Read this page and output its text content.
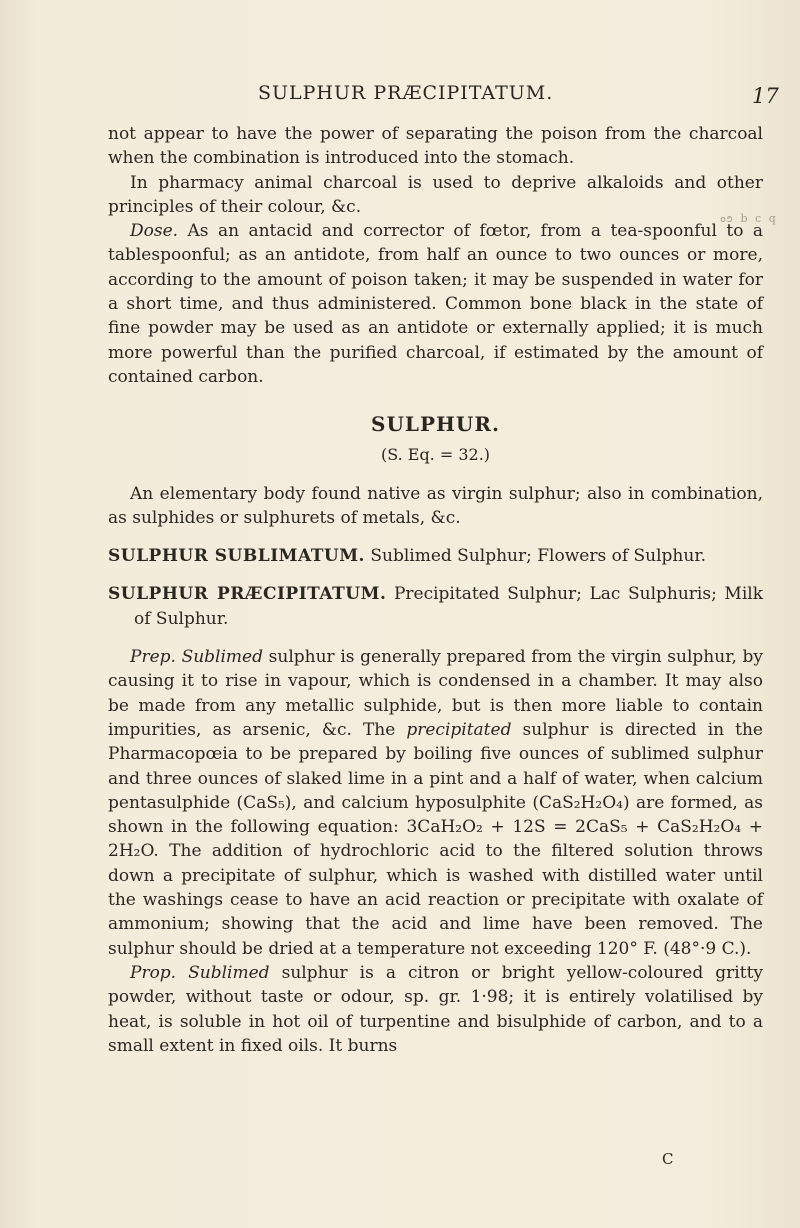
SULPHUR PRÆCIPITATUM.	17
ܘ᪁ b c q

not appear to have the power of separating the poison from the charcoal when the combination is introduced into the stomach.

In pharmacy animal charcoal is used to deprive alkaloids and other principles of their colour, &c.

Dose. As an antacid and corrector of fœtor, from a tea-spoonful to a tablespoonful; as an antidote, from half an ounce to two ounces or more, according to the amount of poison taken; it may be suspended in water for a short time, and thus administered. Common bone black in the state of fine powder may be used as an antidote or externally applied; it is much more powerful than the purified charcoal, if estimated by the amount of contained carbon.

SULPHUR.

(S. Eq. = 32.)

An elementary body found native as virgin sulphur; also in combination, as sulphides or sulphurets of metals, &c.

SULPHUR SUBLIMATUM. Sublimed Sulphur; Flowers of Sulphur.

SULPHUR PRÆCIPITATUM. Precipitated Sulphur; Lac Sulphuris; Milk of Sulphur.

Prep. Sublimed sulphur is generally prepared from the virgin sulphur, by causing it to rise in vapour, which is condensed in a chamber. It may also be made from any metallic sulphide, but is then more liable to contain impurities, as arsenic, &c. The precipitated sulphur is directed in the Pharmacopœia to be prepared by boiling five ounces of sublimed sulphur and three ounces of slaked lime in a pint and a half of water, when calcium pentasulphide (CaS₅), and calcium hyposulphite (CaS₂H₂O₄) are formed, as shown in the following equation: 3CaH₂O₂ + 12S = 2CaS₅ + CaS₂H₂O₄ + 2H₂O. The addition of hydrochloric acid to the filtered solution throws down a precipitate of sulphur, which is washed with distilled water until the washings cease to have an acid reaction or precipitate with oxalate of ammonium; showing that the acid and lime have been removed. The sulphur should be dried at a temperature not exceeding 120° F. (48°·9 C.).

Prop. Sublimed sulphur is a citron or bright yellow-coloured gritty powder, without taste or odour, sp. gr. 1·98; it is entirely volatilised by heat, is soluble in hot oil of turpentine and bisulphide of carbon, and to a small extent in fixed oils. It burns

C
